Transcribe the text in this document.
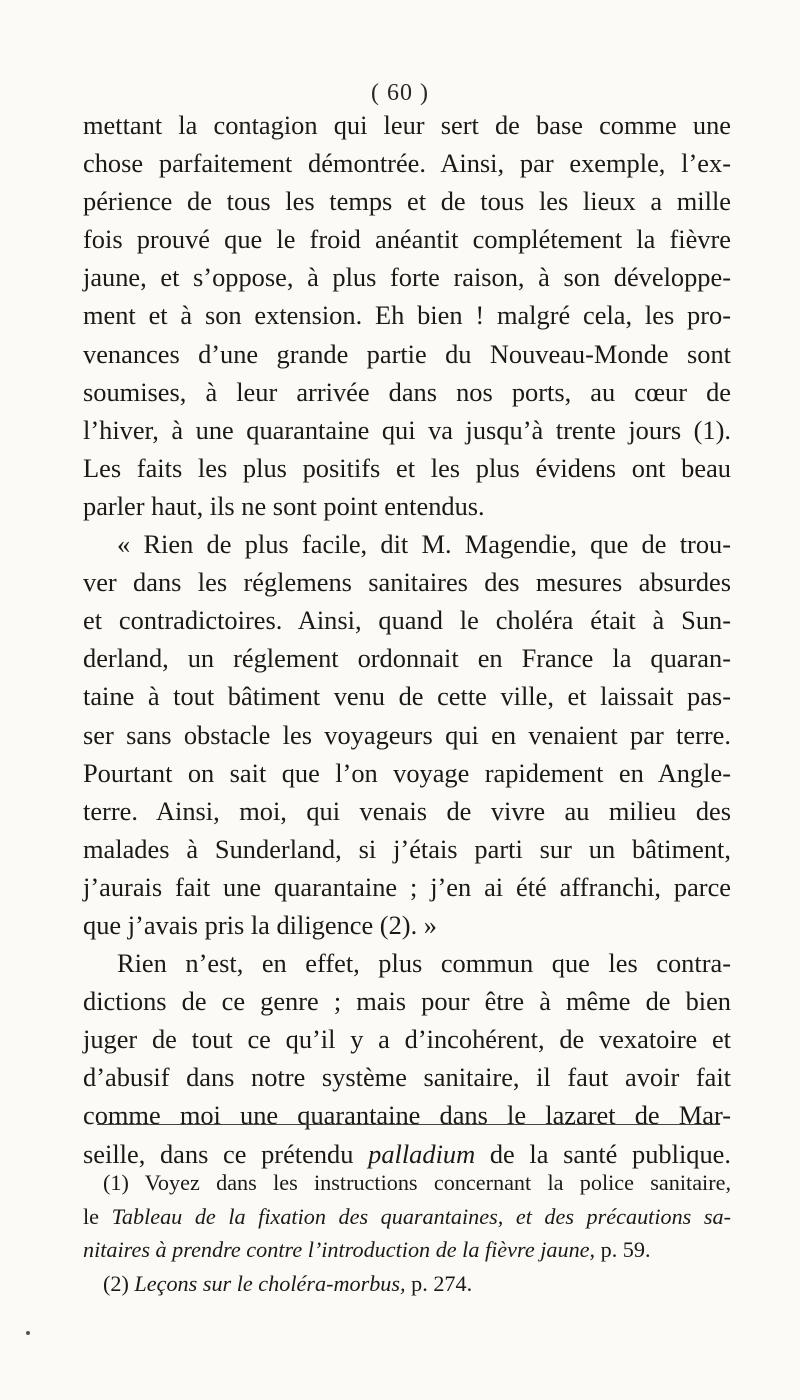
( 60 )
mettant la contagion qui leur sert de base comme une
chose parfaitement démontrée. Ainsi, par exemple, l’ex-
périence de tous les temps et de tous les lieux a mille
fois prouvé que le froid anéantit complétement la fièvre
jaune, et s’oppose, à plus forte raison, à son développe-
ment et à son extension. Eh bien ! malgré cela, les pro-
venances d’une grande partie du Nouveau-Monde sont
soumises, à leur arrivée dans nos ports, au cœur de
l’hiver, à une quarantaine qui va jusqu’à trente jours (1).
Les faits les plus positifs et les plus évidens ont beau
parler haut, ils ne sont point entendus.
« Rien de plus facile, dit M. Magendie, que de trou-
ver dans les réglemens sanitaires des mesures absurdes
et contradictoires. Ainsi, quand le choléra était à Sun-
derland, un réglement ordonnait en France la quaran-
taine à tout bâtiment venu de cette ville, et laissait pas-
ser sans obstacle les voyageurs qui en venaient par terre.
Pourtant on sait que l’on voyage rapidement en Angle-
terre. Ainsi, moi, qui venais de vivre au milieu des
malades à Sunderland, si j’étais parti sur un bâtiment,
j’aurais fait une quarantaine ; j’en ai été affranchi, parce
que j’avais pris la diligence (2). »
Rien n’est, en effet, plus commun que les contra-
dictions de ce genre ; mais pour être à même de bien
juger de tout ce qu’il y a d’incohérent, de vexatoire et
d’abusif dans notre système sanitaire, il faut avoir fait
comme moi une quarantaine dans le lazaret de Mar-
seille, dans ce prétendu palladium de la santé publique.
(1) Voyez dans les instructions concernant la police sanitaire,
le Tableau de la fixation des quarantaines, et des précautions sa-
nitaires à prendre contre l’introduction de la fièvre jaune, p. 59.
(2) Leçons sur le choléra-morbus, p. 274.
